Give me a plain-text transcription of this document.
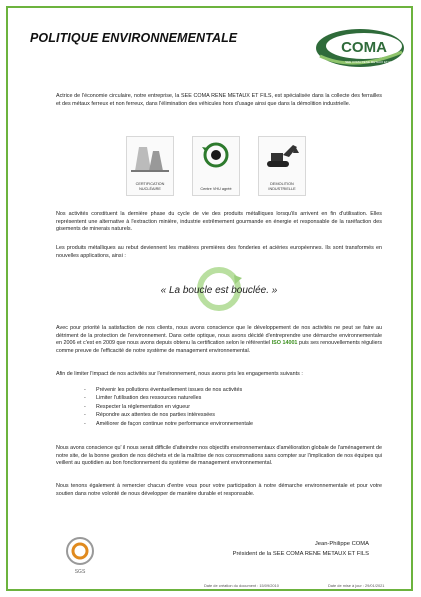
POLITIQUE ENVIRONNEMENTALE
COMA
SEE COMA RENE METAUX ET FILS

Actrice de l'économie circulaire, notre entreprise, la SEE COMA RENE METAUX ET FILS, est spécialisée dans la collecte des ferrailles et des métaux ferreux et non ferreux, dans l'élimination des véhicules hors d'usage ainsi que dans la démolition industrielle.

CERTIFICATION NUCLÉAIRE	Centre VHU agréé
DEMOLITION INDUSTRIELLE

Nos activités constituent la dernière phase du cycle de vie des produits métalliques lorsqu'ils arrivent en fin d'utilisation. Elles représentent une alternative à l'extraction minière, industrie extrêmement gourmande en énergie et responsable de la raréfaction des gisements de minerais naturels.

Les produits métalliques au rebut deviennent les matières premières des fonderies et aciéries européennes. Ils sont transformés en nouvelles applications, ainsi :

« La boucle est bouclée. »

Avec pour priorité la satisfaction de nos clients, nous avons conscience que le développement de nos activités ne peut se faire au détriment de la protection de l'environnement. Dans cette optique, nous avons décidé d'entreprendre une démarche environnementale en 2006 et c'est en 2009 que nous avons depuis obtenu la certification selon le référentiel ISO 14001 puis ses renouvellements réguliers comme preuve de l'efficacité de notre système de management environnemental.

Afin de limiter l'impact de nos activités sur l'environnement, nous avons pris les engagements suivants :

- Prévenir les pollutions éventuellement issues de nos activités
- Limiter l'utilisation des ressources naturelles
- Respecter la réglementation en vigueur
- Répondre aux attentes de nos parties intéressées
- Améliorer de façon continue notre performance environnementale

Nous avons conscience qu' il nous serait difficile d'atteindre nos objectifs environnementaux d'amélioration globale de l'aménagement de notre site, de la bonne gestion de nos déchets et de la maîtrise de nos consommations sans compter sur l'implication de nos équipes qui veillent au quotidien au bon fonctionnement du système de management environnemental.

Nous tenons également à remercier chacun d'entre vous pour votre participation à notre démarche environnementale et pour votre soutien dans notre volonté de nous développer de manière durable et responsable.

SGS
Jean-Philippe COMA
Président de la SEE COMA RENE METAUX ET FILS
Date de création du document : 15/09/2010	Date de mise à jour : 29/01/2021
